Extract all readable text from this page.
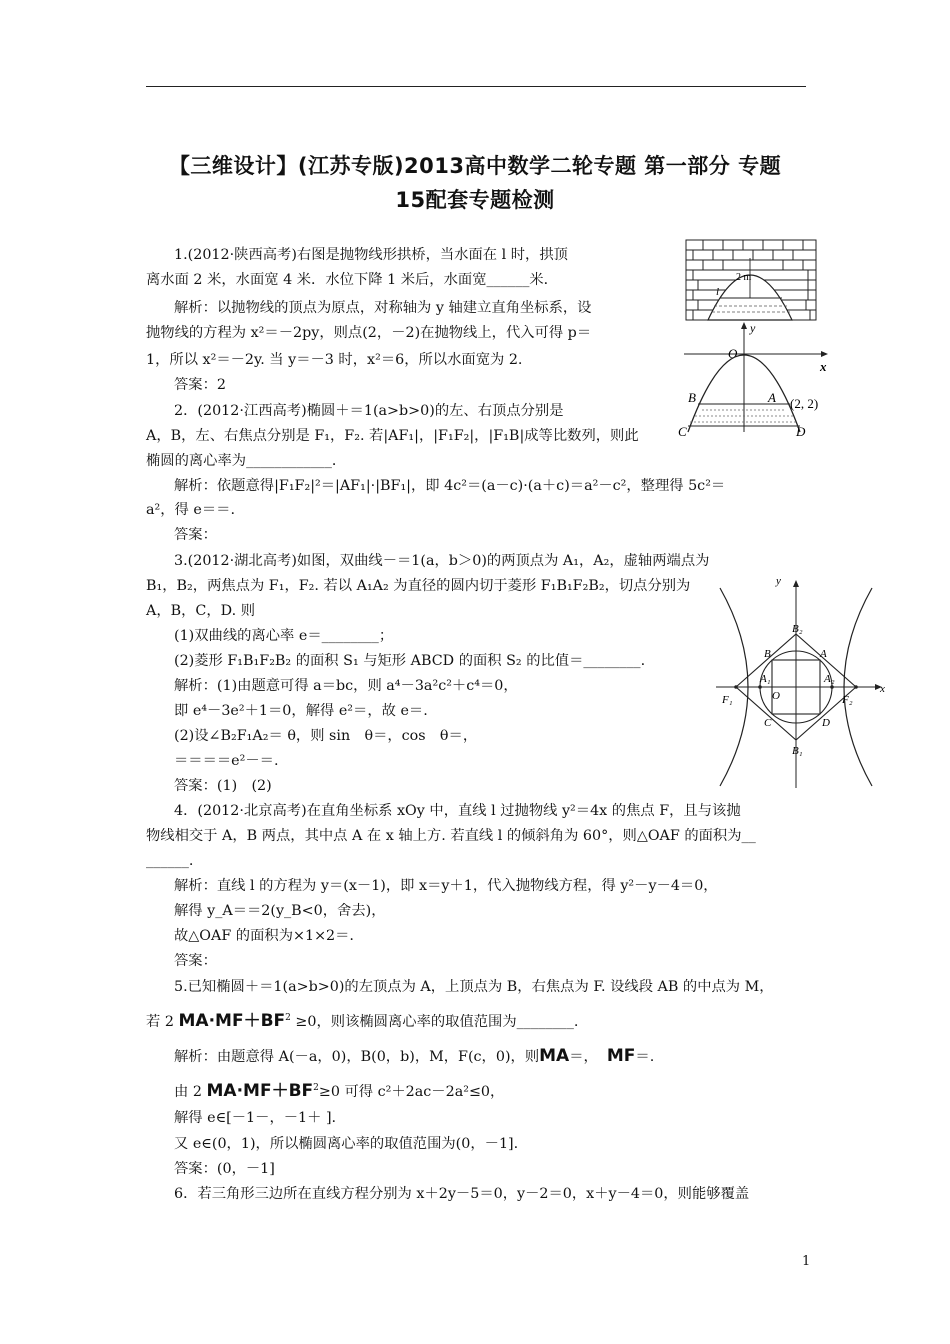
【三维设计】(江苏专版)2013高中数学二轮专题 第一部分 专题
15配套专题检测
1.(2012·陕西高考)右图是抛物线形拱桥，当水面在 l 时，拱顶
离水面 2 米，水面宽 4 米．水位下降 1 米后，水面宽______米．
解析：以抛物线的顶点为原点，对称轴为 y 轴建立直角坐标系，设
抛物线的方程为 x²＝－2py，则点(2，－2)在抛物线上，代入可得 p＝
1，所以 x²＝－2y. 当 y＝－3 时，x²＝6，所以水面宽为 2.
答案：2
2．(2012·江西高考)椭圆＋＝1(a>b>0)的左、右顶点分别是
A，B，左、右焦点分别是 F₁，F₂. 若|AF₁|，|F₁F₂|，|F₁B|成等比数列，则此
椭圆的离心率为____________．
解析：依题意得|F₁F₂|²＝|AF₁|·|BF₁|，即 4c²＝(a－c)·(a＋c)＝a²－c²，整理得 5c²＝
a²，得 e＝＝.
答案：
3.(2012·湖北高考)如图，双曲线－＝1(a，b＞0)的两顶点为 A₁，A₂，虚轴两端点为
B₁，B₂，两焦点为 F₁，F₂. 若以 A₁A₂ 为直径的圆内切于菱形 F₁B₁F₂B₂，切点分别为
A，B，C，D. 则
(1)双曲线的离心率 e＝________；
(2)菱形 F₁B₁F₂B₂ 的面积 S₁ 与矩形 ABCD 的面积 S₂ 的比值＝________.
解析：(1)由题意可得 a＝bc，则 a⁴－3a²c²＋c⁴＝0，
即 e⁴－3e²＋1＝0，解得 e²＝，故 e＝.
(2)设∠B₂F₁A₂＝ θ，则 sin　θ＝，cos　θ＝，
＝＝＝＝e²－＝.
答案：(1)　(2)
4．(2012·北京高考)在直角坐标系 xOy 中，直线 l 过抛物线 y²＝4x 的焦点 F，且与该抛
物线相交于 A，B 两点，其中点 A 在 x 轴上方. 若直线 l 的倾斜角为 60°，则△OAF 的面积为__
______.
解析：直线 l 的方程为 y＝(x－1)，即 x＝y＋1，代入抛物线方程，得 y²－y－4＝0，
解得 y_A＝＝2(y_B<0，舍去)，
故△OAF 的面积为×1×2＝.
答案：
5.已知椭圆＋＝1(a>b>0)的左顶点为 A，上顶点为 B，右焦点为 F. 设线段 AB 的中点为 M，
若 2 $MA\cdot MF+BF^2 \ge 0$，则该椭圆离心率的取值范围为________.
解析：由题意得 A(－a，0)，B(0，b)，M，F(c，0)，则MA＝， MF＝.
由 2 $MA\cdot MF+BF^2\ge 0$ 可得 c²＋2ac－2a²≤0，
解得 e∈[－1－，－1＋ ].
又 e∈(0，1)，所以椭圆离心率的取值范围为(0，－1].
答案：(0，－1]
6．若三角形三边所在直线方程分别为 x＋2y－5＝0，y－2＝0，x＋y－4＝0，则能够覆盖
2 m
l
y
x
O
B	A (2, 2)
C	D
y
x
B₂
B₁
A₁	A₂
F₁	F₂
O
B	A
C	D
1
